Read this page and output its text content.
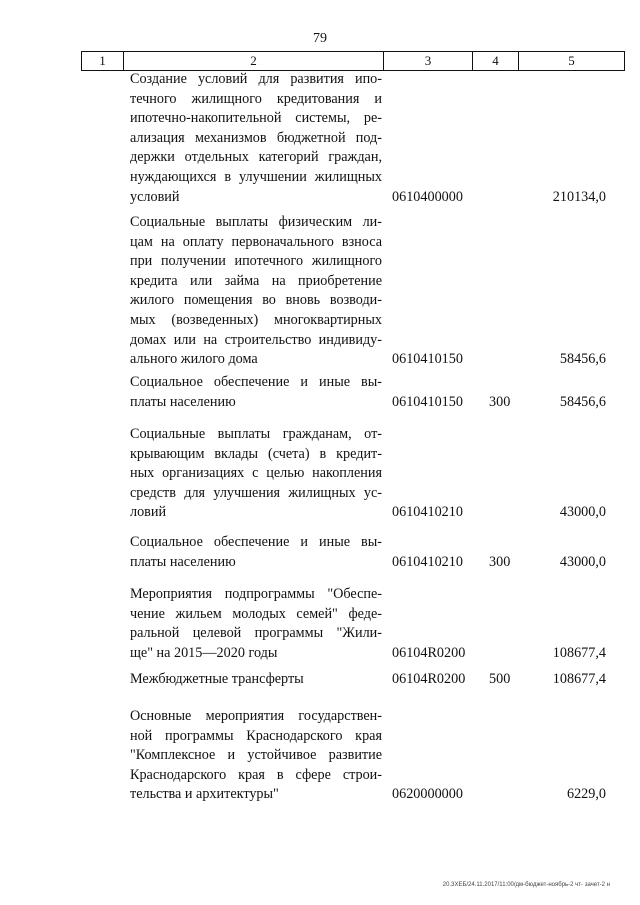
79
1	2	3	4	5
Создание условий для развития ипо-
течного жилищного кредитования и
ипотечно-накопительной системы, ре-
ализация механизмов бюджетной под-
держки отдельных категорий граждан,
нуждающихся в улучшении жилищных
условий	0610400000	210134,0
Социальные выплаты физическим ли-
цам на оплату первоначального взноса
при получении ипотечного жилищного
кредита или займа на приобретение
жилого помещения во вновь возводи-
мых (возведенных) многоквартирных
домах или на строительство индивиду-
ального жилого дома	0610410150	58456,6
Социальное обеспечение и иные вы-
платы населению	0610410150 300	58456,6
Социальные выплаты гражданам, от-
крывающим вклады (счета) в кредит-
ных организациях с целью накопления
средств для улучшения жилищных ус-
ловий	0610410210	43000,0
Социальное обеспечение и иные вы-
платы населению	0610410210 300	43000,0
Мероприятия подпрограммы "Обеспе-
чение жильем молодых семей" феде-
ральной целевой программы "Жили-
ще" на 2015—2020 годы	06104R0200	108677,4
Межбюджетные трансферты	06104R0200 500	108677,4
Основные мероприятия государствен-
ной программы Краснодарского края
"Комплексное и устойчивое развитие
Краснодарского края в сфере строи-
тельства и архитектуры"	0620000000	6229,0
20.3XEБ/24.11.2017/11:00/дм-бюджет-ноябрь-2 чт- зачет-2 н
